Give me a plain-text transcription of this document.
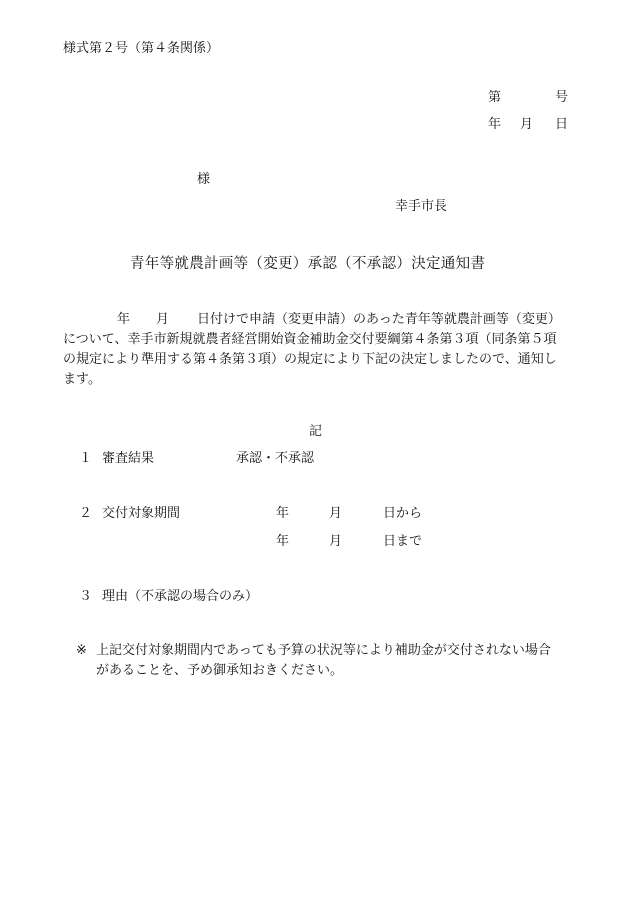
様式第２号（第４条関係）
第	号
年 月 日
様
幸手市長
青年等就農計画等（変更）承認（不承認）決定通知書
年 月 日付けで申請（変更申請）のあった青年等就農計画等（変更）
について、幸手市新規就農者経営開始資金補助金交付要綱第４条第３項（同条第５項
の規定により準用する第４条第３項）の規定により下記の決定しましたので、通知し
ます。
記
１ 審査結果	承認・不承認
２ 交付対象期間	年	月	日から
年	月	日まで
３ 理由（不承認の場合のみ）
※ 上記交付対象期間内であっても予算の状況等により補助金が交付されない場合
があることを、予め御承知おきください。
